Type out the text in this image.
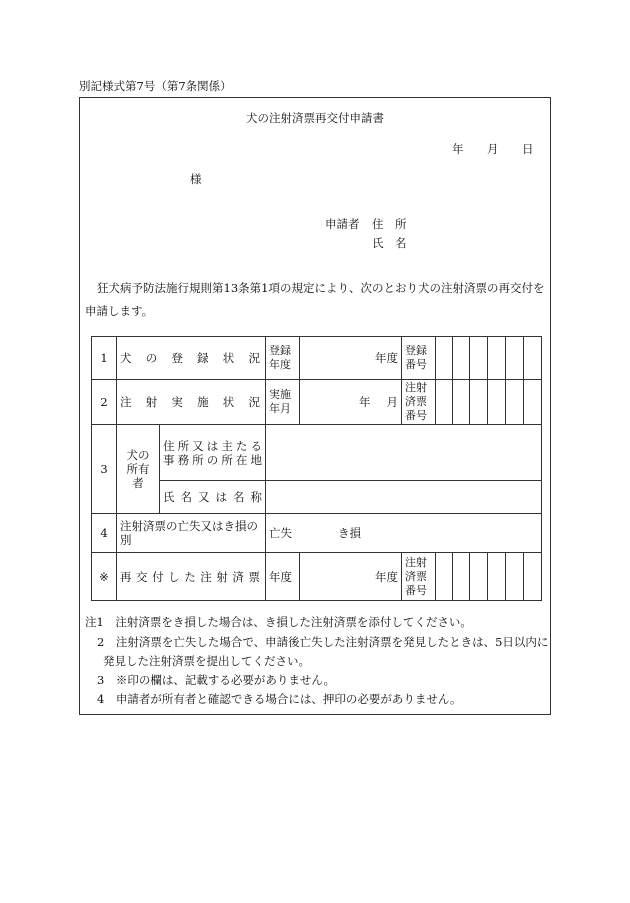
別記様式第7号（第7条関係）
犬の注射済票再交付申請書
年 月 日
様
申請者 住　所
氏　名
狂犬病予防法施行規則第13条第1項の規定により、次のとおり犬の注射済票の再交付を
申請します。
1	犬の登録状況		登録年度	年度	登録番号						
2	注射実施状況		実施年月	年 月	注射済票番号						
3	犬の所有者	住所又は主たる
事務所の所在地									

		氏名又は名称									

4	注射済票の亡失又はき損の
別		亡失 き損								
※	再交付した注射済票		年度	年度	注射済票番号						
注1　注射済票をき損した場合は、き損した注射済票を添付してください。
2　注射済票を亡失した場合で、申請後亡失した注射済票を発見したときは、5日以内に
発見した注射済票を提出してください。
3　※印の欄は、記載する必要がありません。
4　申請者が所有者と確認できる場合には、押印の必要がありません。
